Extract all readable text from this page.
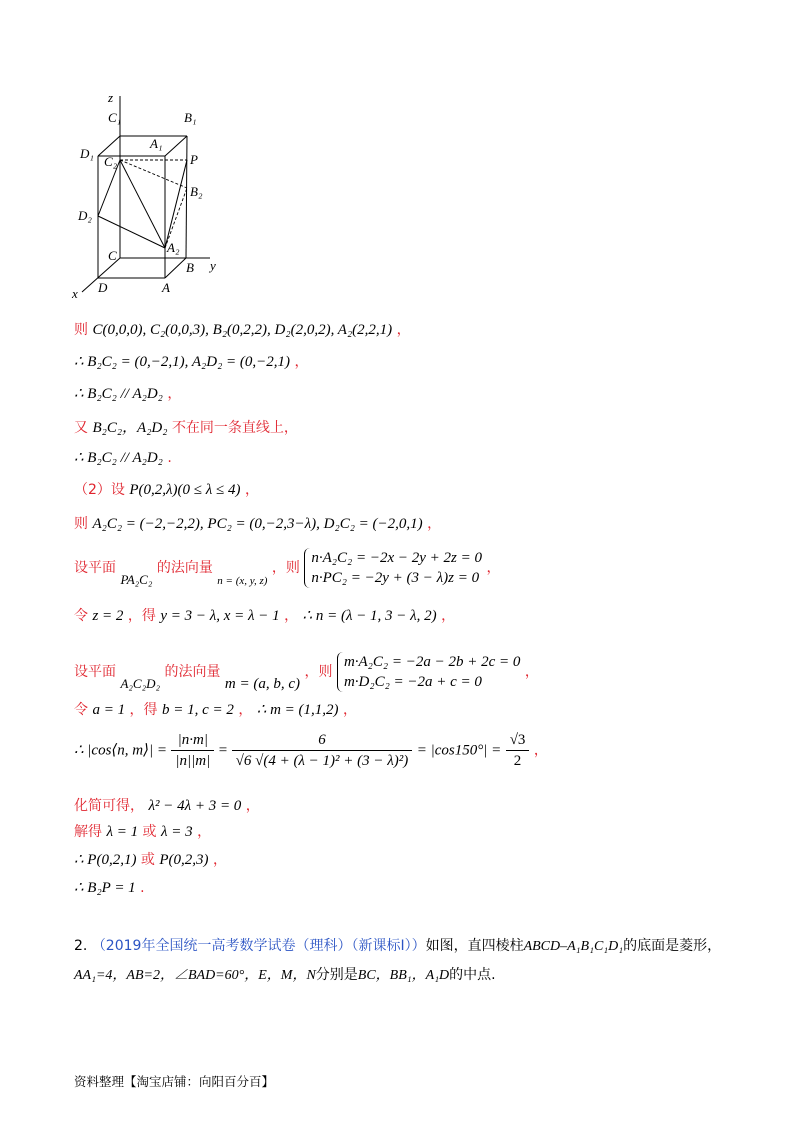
z
y
x
C₁	B₁
A₁
D₁
C₂	P
B₂
D₂
A₂
C
B
D	A
则 C(0,0,0), C₂(0,0,3), B₂(0,2,2), D₂(2,0,2), A₂(2,2,1) ，
∴ B₂C₂ = (0,−2,1), A₂D₂ = (0,−2,1) ，
∴ B₂C₂ // A₂D₂ ，
又 B₂C₂，A₂D₂ 不在同一条直线上，
∴ B₂C₂ // A₂D₂ .
（2）设 P(0,2,λ)(0 ≤ λ ≤ 4) ，
则 A₂C₂ = (−2,−2,2), PC₂ = (0,−2,3−λ), D₂C₂ = (−2,0,1) ，
设平面 PA₂C₂ 的法向量 $_{n = (x, y, z)}$ ，则
n·A₂C₂ = −2x − 2y + 2z = 0
n·PC₂ = −2y + (3 − λ)z = 0
，
令 z = 2 ，得 y = 3 − λ, x = λ − 1 ， ∴ n = (λ − 1, 3 − λ, 2) ，
设平面 A₂C₂D₂ 的法向量 m = (a, b, c) ，则
m·A₂C₂ = −2a − 2b + 2c = 0
m·D₂C₂ = −2a + c = 0
，
令 a = 1 ，得 b = 1, c = 2 ， ∴ m = (1,1,2) ，
∴ |cos⟨n, m⟩| = $\frac{|n\cdot m|}{|n||m|} = \frac{6}{\text{√6 √(4 + (λ − 1)² + (3 − λ)²)}} = |\cos 150^\circ| = \frac{√3}{2}$ ，
化简可得， λ² − 4λ + 3 = 0 ，
解得 λ = 1 或 λ = 3 ，
∴ P(0,2,1) 或 P(0,2,3) ，
∴ B₂P = 1 .
2. （2019年全国统一高考数学试卷（理科）（新课标Ⅰ））如图，直四棱柱ABCD–A₁B₁C₁D₁的底面是菱形，AA₁=4，AB=2，∠BAD=60°，E，M，N分别是BC，BB₁，A₁D的中点.
资料整理【淘宝店铺：向阳百分百】
